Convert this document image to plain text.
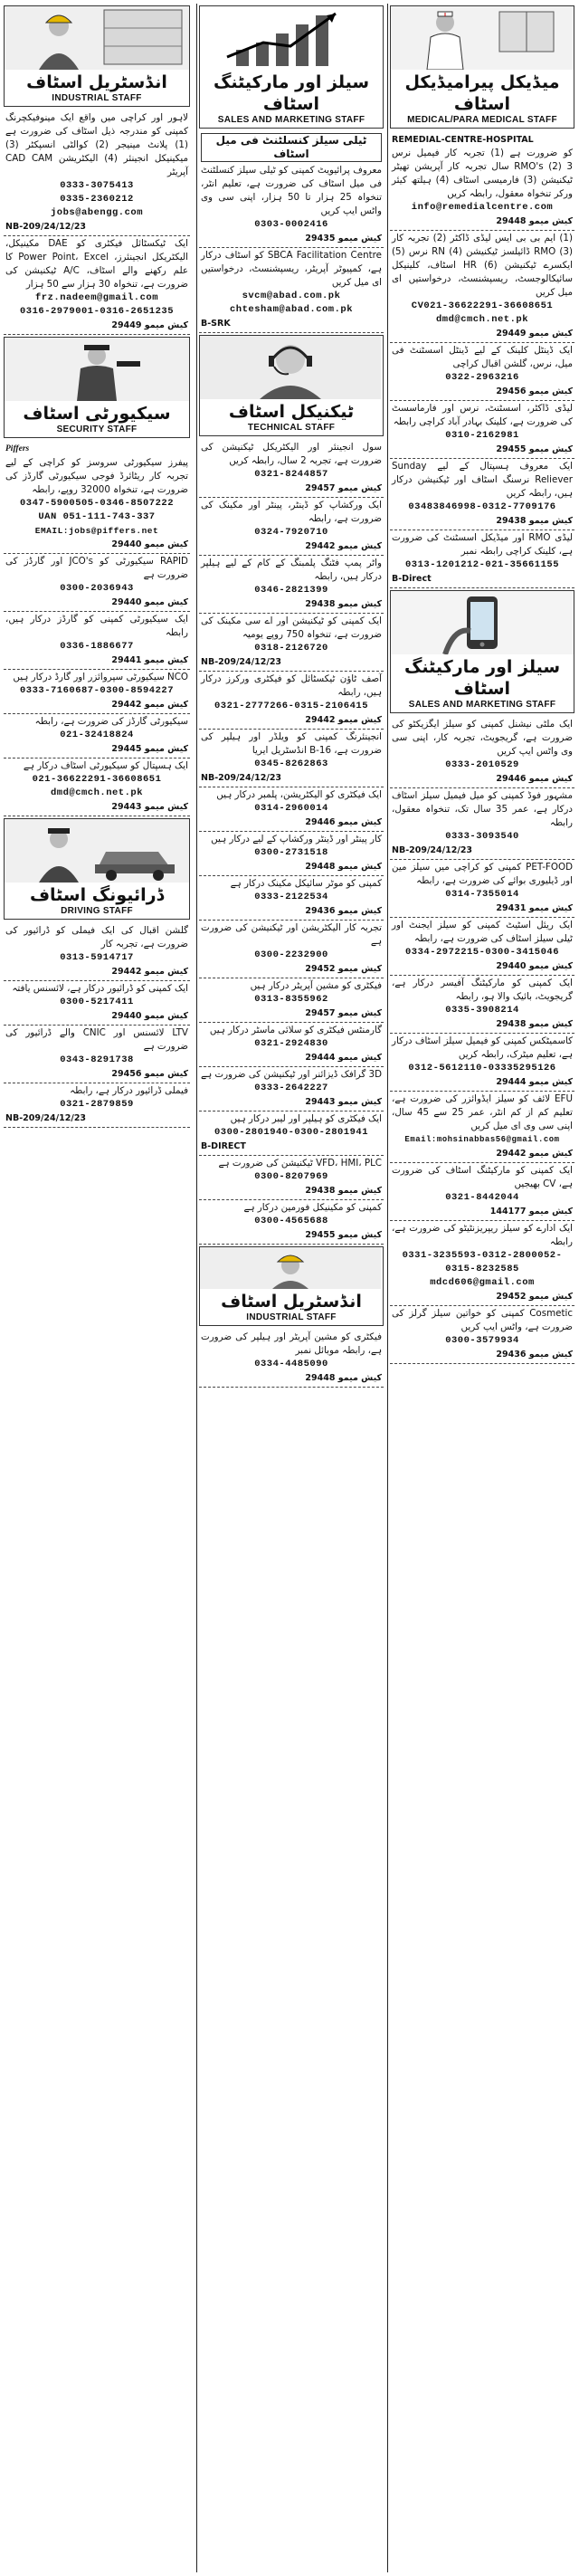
میڈیکل پیرامیڈیکل اسٹاف
MEDICAL/PARA MEDICAL STAFF
REMEDIAL-CENTRE-HOSPITAL
کو ضرورت ہے (1) تجربہ کار فیمیل نرس RMO's (2) 3 سال تجربہ کار آپریشن تھیٹر ٹیکنیشن (3) فارمیسی اسٹاف (4) ہیلتھ کیئر ورکر تنخواہ معقول، رابطہ کریں
info@remedialcentre.com
کیش میمو 29448
(1) ایم بی بی ایس لیڈی ڈاکٹر (2) تجربہ کار RMO (3) ڈائیلسز ٹیکنیشن (4) RN نرس (5) ایکسرے ٹیکنیشن (6) HR اسٹاف، کلینیکل سائیکالوجسٹ، ریسپشنسٹ، درخواستیں ای میل کریں
CV021-36622291-36608651
dmd@cmch.net.pk
کیش میمو 29449
ایک ڈینٹل کلینک کے لیے ڈینٹل اسسٹنٹ فی میل، نرس، گلشن اقبال کراچی
0322-2963216
کیش میمو 29456
لیڈی ڈاکٹر، اسسٹنٹ، نرس اور فارماسسٹ کی ضرورت ہے، کلینک بہادر آباد کراچی رابطہ
0310-2162981
کیش میمو 29455
ایک معروف ہسپتال کے لیے Sunday Reliever نرسنگ اسٹاف اور ٹیکنیشن درکار ہیں، رابطہ کریں
03483846998-0312-7709176
کیش میمو 29438
لیڈی RMO اور میڈیکل اسسٹنٹ کی ضرورت ہے، کلینک کراچی رابطہ نمبر
0313-1201212-021-35661155
B-Direct
سیلز اور مارکیٹنگ اسٹاف
SALES AND MARKETING STAFF
ایک ملٹی نیشنل کمپنی کو سیلز ایگزیکٹو کی ضرورت ہے، گریجویٹ، تجربہ کار، اپنی سی وی واٹس ایپ کریں
0333-2010529
کیش میمو 29446
مشہور فوڈ کمپنی کو میل فیمیل سیلز اسٹاف درکار ہے، عمر 35 سال تک، تنخواہ معقول، رابطہ
0333-3093540
NB-209/24/12/23
PET-FOOD کمپنی کو کراچی میں سیلز مین اور ڈیلیوری بوائے کی ضرورت ہے، رابطہ
0314-7355014
کیش میمو 29431
ایک ریئل اسٹیٹ کمپنی کو سیلز ایجنٹ اور ٹیلی سیلز اسٹاف کی ضرورت ہے، رابطہ
0334-2972215-0300-3415046
کیش میمو 29440
ایک کمپنی کو مارکیٹنگ آفیسر درکار ہے، گریجویٹ، بائیک والا ہو، رابطہ
0335-3908214
کیش میمو 29438
کاسمیٹکس کمپنی کو فیمیل سیلز اسٹاف درکار ہے، تعلیم میٹرک، رابطہ کریں
0312-5612110-03335295126
کیش میمو 29444
EFU لائف کو سیلز ایڈوائزر کی ضرورت ہے، تعلیم کم از کم انٹر، عمر 25 سے 45 سال، اپنی سی وی ای میل کریں
Email:mohsinabbas56@gmail.com
کیش میمو 29442
ایک کمپنی کو مارکیٹنگ اسٹاف کی ضرورت ہے، CV بھیجیں
0321-8442044
کیش میمو 144177
ایک ادارے کو سیلز ریپریزنٹیٹو کی ضرورت ہے، رابطہ
0331-3235593-0312-2800052-0315-8232585
mdcd606@gmail.com
کیش میمو 29452
Cosmetic کمپنی کو خواتین سیلز گرلز کی ضرورت ہے، واٹس ایپ کریں
0300-3579934
کیش میمو 29436
سیلز اور مارکیٹنگ اسٹاف
SALES AND MARKETING STAFF
ٹیلی سیلز کنسلٹنٹ فی میل اسٹاف
معروف پرائیویٹ کمپنی کو ٹیلی سیلز کنسلٹنٹ فی میل اسٹاف کی ضرورت ہے، تعلیم انٹر، تنخواہ 25 ہزار تا 50 ہزار، اپنی سی وی واٹس ایپ کریں
0303-0002416
کیش میمو 29435
SBCA Facilitation Centre کو اسٹاف درکار ہے، کمپیوٹر آپریٹر، ریسپشنسٹ، درخواستیں ای میل کریں
svcm@abad.com.pk
chtesham@abad.com.pk
B-SRK
ٹیکنیکل اسٹاف
TECHNICAL STAFF
سول انجینئر اور الیکٹریکل ٹیکنیشن کی ضرورت ہے، تجربہ 2 سال، رابطہ کریں
0321-8244857
کیش میمو 29457
ایک ورکشاپ کو ڈینٹر، پینٹر اور مکینک کی ضرورت ہے، رابطہ
0324-7920710
کیش میمو 29442
واٹر پمپ فٹنگ پلمبنگ کے کام کے لیے ہیلپر درکار ہیں، رابطہ
0346-2821399
کیش میمو 29438
ایک کمپنی کو ٹیکنیشن اور اے سی مکینک کی ضرورت ہے، تنخواہ 750 روپے یومیہ
0318-2126720
NB-209/24/12/23
آصف ٹاؤن ٹیکسٹائل کو فیکٹری ورکرز درکار ہیں، رابطہ
0321-2777266-0315-2106415
کیش میمو 29442
انجینئرنگ کمپنی کو ویلڈر اور ہیلپر کی ضرورت ہے، 16-B انڈسٹریل ایریا
0345-8262863
NB-209/24/12/23
ایک فیکٹری کو الیکٹریشن، پلمبر درکار ہیں
0314-2960014
کیش میمو 29446
کار پینٹر اور ڈینٹر ورکشاپ کے لیے درکار ہیں
0300-2731518
کیش میمو 29448
کمپنی کو موٹر سائیکل مکینک درکار ہے
0333-2122534
کیش میمو 29436
تجربہ کار الیکٹریشن اور ٹیکنیشن کی ضرورت ہے
0300-2232900
کیش میمو 29452
فیکٹری کو مشین آپریٹر درکار ہیں
0313-8355962
کیش میمو 29457
گارمنٹس فیکٹری کو سلائی ماسٹر درکار ہیں
0321-2924830
کیش میمو 29444
3D گرافک ڈیزائنر اور ٹیکنیشن کی ضرورت ہے
0333-2642227
کیش میمو 29443
ایک فیکٹری کو ہیلپر اور لیبر درکار ہیں
0300-2801940-0300-2801941
B-DIRECT
VFD، HMI، PLC ٹیکنیشن کی ضرورت ہے
0300-8207969
کیش میمو 29438
کمپنی کو مکینیکل فورمین درکار ہے
0300-4565688
کیش میمو 29455
انڈسٹریل اسٹاف
INDUSTRIAL STAFF
فیکٹری کو مشین آپریٹر اور ہیلپر کی ضرورت ہے، رابطہ موبائل نمبر
0334-4485090
کیش میمو 29448
انڈسٹریل اسٹاف
INDUSTRIAL STAFF
لاہور اور کراچی میں واقع ایک مینوفیکچرنگ کمپنی کو مندرجہ ذیل اسٹاف کی ضرورت ہے (1) پلانٹ مینیجر (2) کوالٹی انسپکٹر (3) میکینیکل انجینئر (4) الیکٹریشن CAD CAM آپریٹر
0333-3075413
0335-2360212
jobs@abengg.com
NB-209/24/12/23
ایک ٹیکسٹائل فیکٹری کو DAE مکینیکل، الیکٹریکل انجینئرز، Power Point، Excel کا علم رکھنے والے اسٹاف، A/C ٹیکنیشن کی ضرورت ہے، تنخواہ 30 ہزار سے 50 ہزار
frz.nadeem@gmail.com
0316-2979001-0316-2651235
کیش میمو 29449
سیکیورٹی اسٹاف
SECURITY STAFF
Piffers
پیفرز سیکیورٹی سروسز کو کراچی کے لیے تجربہ کار ریٹائرڈ فوجی سیکیورٹی گارڈز کی ضرورت ہے، تنخواہ 32000 روپے، رابطہ
0347-5900505-0346-8507222
UAN 051-111-743-337
EMAIL:jobs@piffers.net
کیش میمو 29440
RAPID سیکیورٹی کو JCO's اور گارڈز کی ضرورت ہے
0300-2036943
کیش میمو 29440
ایک سیکیورٹی کمپنی کو گارڈز درکار ہیں، رابطہ
0336-1886677
کیش میمو 29441
NCO سیکیورٹی سپروائزر اور گارڈ درکار ہیں
0333-7160687-0300-8594227
کیش میمو 29442
سیکیورٹی گارڈز کی ضرورت ہے، رابطہ
021-32418824
کیش میمو 29445
ایک ہسپتال کو سیکیورٹی اسٹاف درکار ہے
021-36622291-36608651
dmd@cmch.net.pk
کیش میمو 29443
ڈرائیونگ اسٹاف
DRIVING STAFF
گلشن اقبال کی ایک فیملی کو ڈرائیور کی ضرورت ہے، تجربہ کار
0313-5914717
کیش میمو 29442
ایک کمپنی کو ڈرائیور درکار ہے، لائسنس یافتہ
0300-5217411
کیش میمو 29440
LTV لائسنس اور CNIC والے ڈرائیور کی ضرورت ہے
0343-8291738
کیش میمو 29456
فیملی ڈرائیور درکار ہے، رابطہ
0321-2879859
NB-209/24/12/23
